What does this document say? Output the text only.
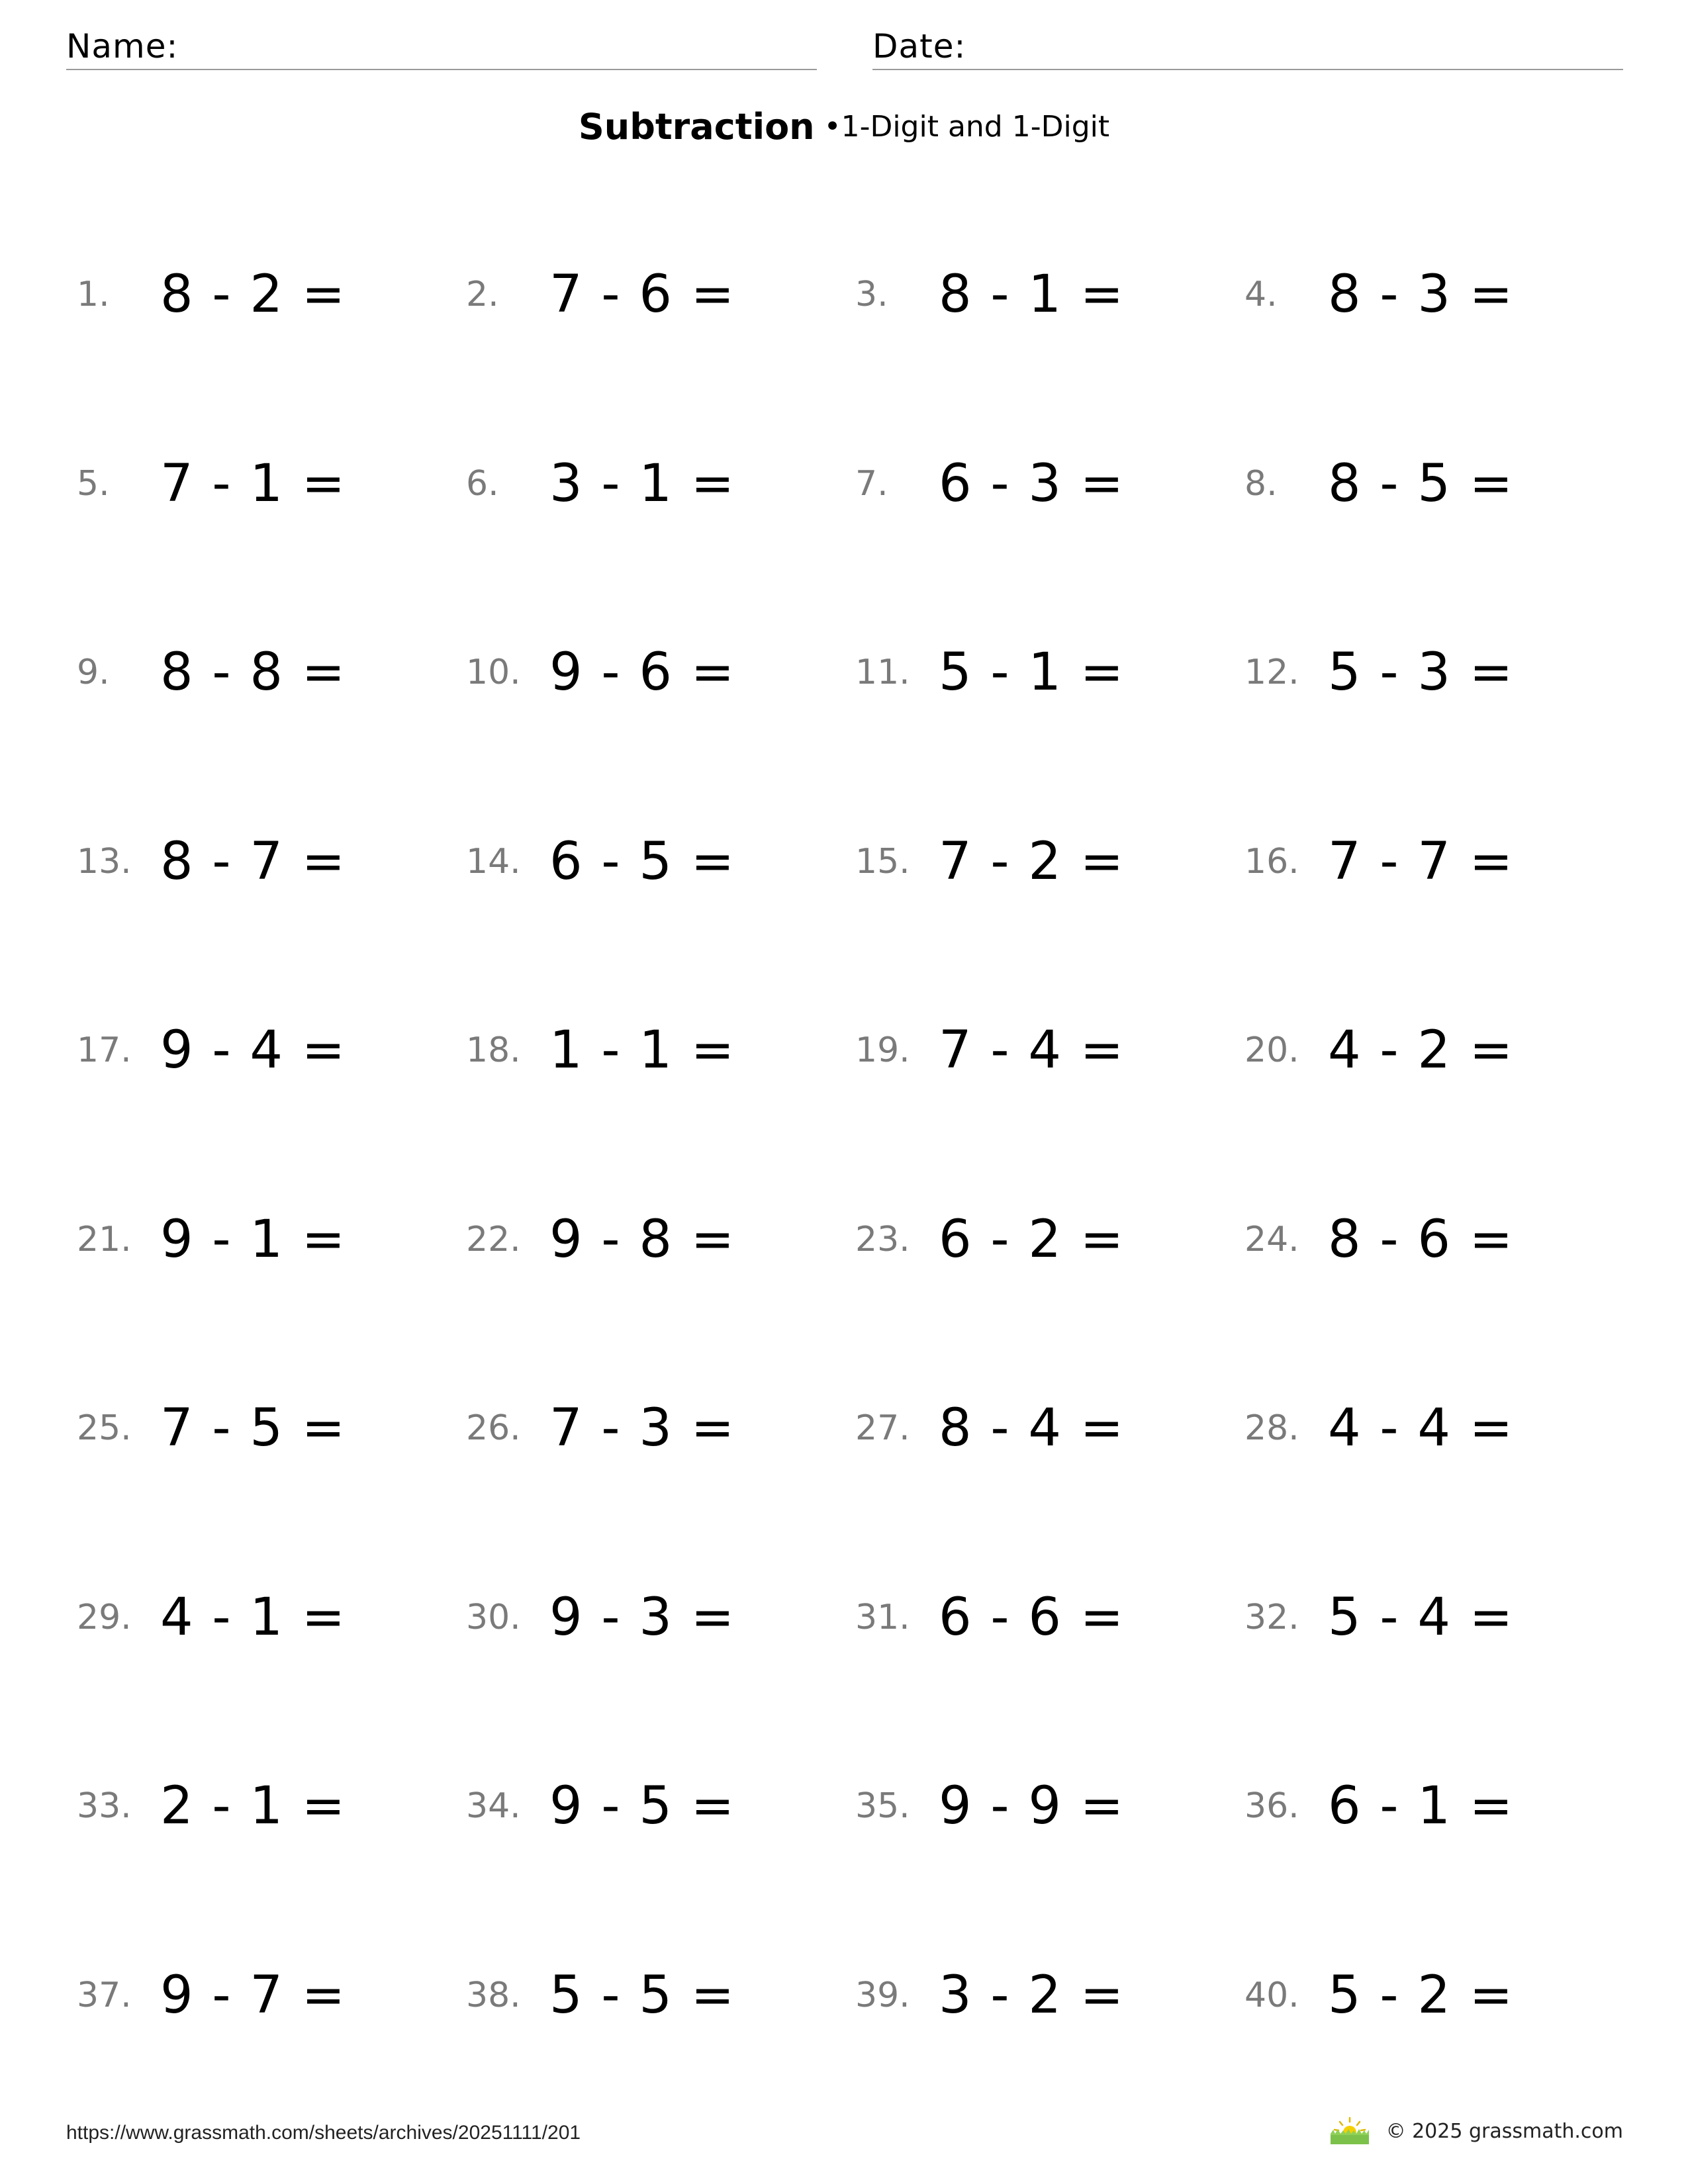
Name:	Date:
Subtraction •1-Digit and 1-Digit
1. 8 - 2 =	2. 7 - 6 =	3. 8 - 1 =	4. 8 - 3 =
5. 7 - 1 =	6. 3 - 1 =	7. 6 - 3 =	8. 8 - 5 =
9. 8 - 8 =	10. 9 - 6 =	11. 5 - 1 =	12. 5 - 3 =
13. 8 - 7 =	14. 6 - 5 =	15. 7 - 2 =	16. 7 - 7 =
17. 9 - 4 =	18. 1 - 1 =	19. 7 - 4 =	20. 4 - 2 =
21. 9 - 1 =	22. 9 - 8 =	23. 6 - 2 =	24. 8 - 6 =
25. 7 - 5 =	26. 7 - 3 =	27. 8 - 4 =	28. 4 - 4 =
29. 4 - 1 =	30. 9 - 3 =	31. 6 - 6 =	32. 5 - 4 =
33. 2 - 1 =	34. 9 - 5 =	35. 9 - 9 =	36. 6 - 1 =
37. 9 - 7 =	38. 5 - 5 =	39. 3 - 2 =	40. 5 - 2 =
https://www.grassmath.com/sheets/archives/20251111/201	© 2025 grassmath.com
